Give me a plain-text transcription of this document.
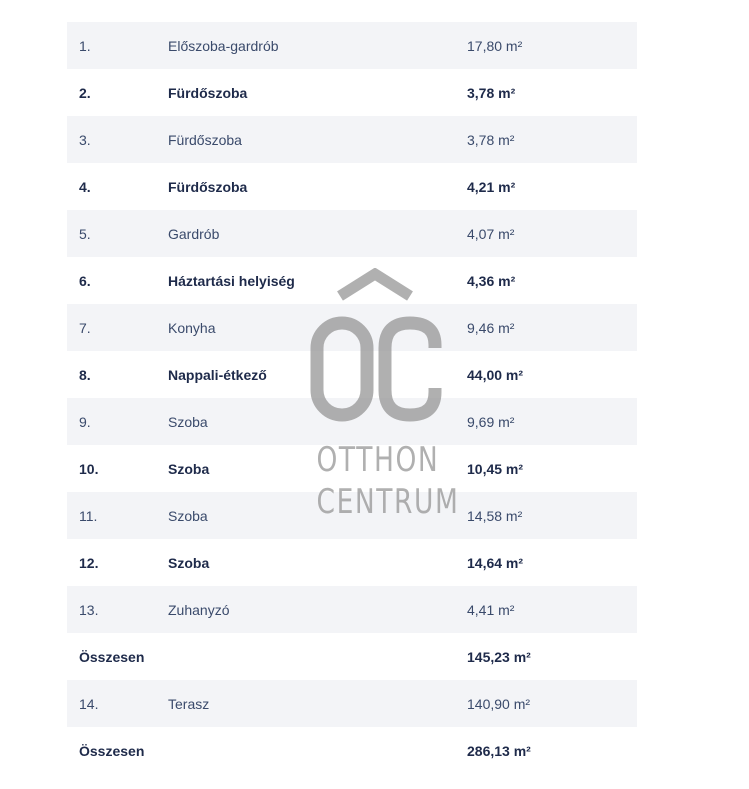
1.	Előszoba-gardrób	17,80 m²
2.	Fürdőszoba	3,78 m²
3.	Fürdőszoba	3,78 m²
4.	Fürdőszoba	4,21 m²
5.	Gardrób	4,07 m²
6.	Háztartási helyiség	4,36 m²
7.	Konyha	9,46 m²
8.	Nappali-étkező	44,00 m²
9.	Szoba	9,69 m²
10.	Szoba	10,45 m²
11.	Szoba	14,58 m²
12.	Szoba	14,64 m²
13.	Zuhanyzó	4,41 m²
Összesen		145,23 m²
14.	Terasz	140,90 m²
Összesen		286,13 m²
OTTHON
CENTRUM
